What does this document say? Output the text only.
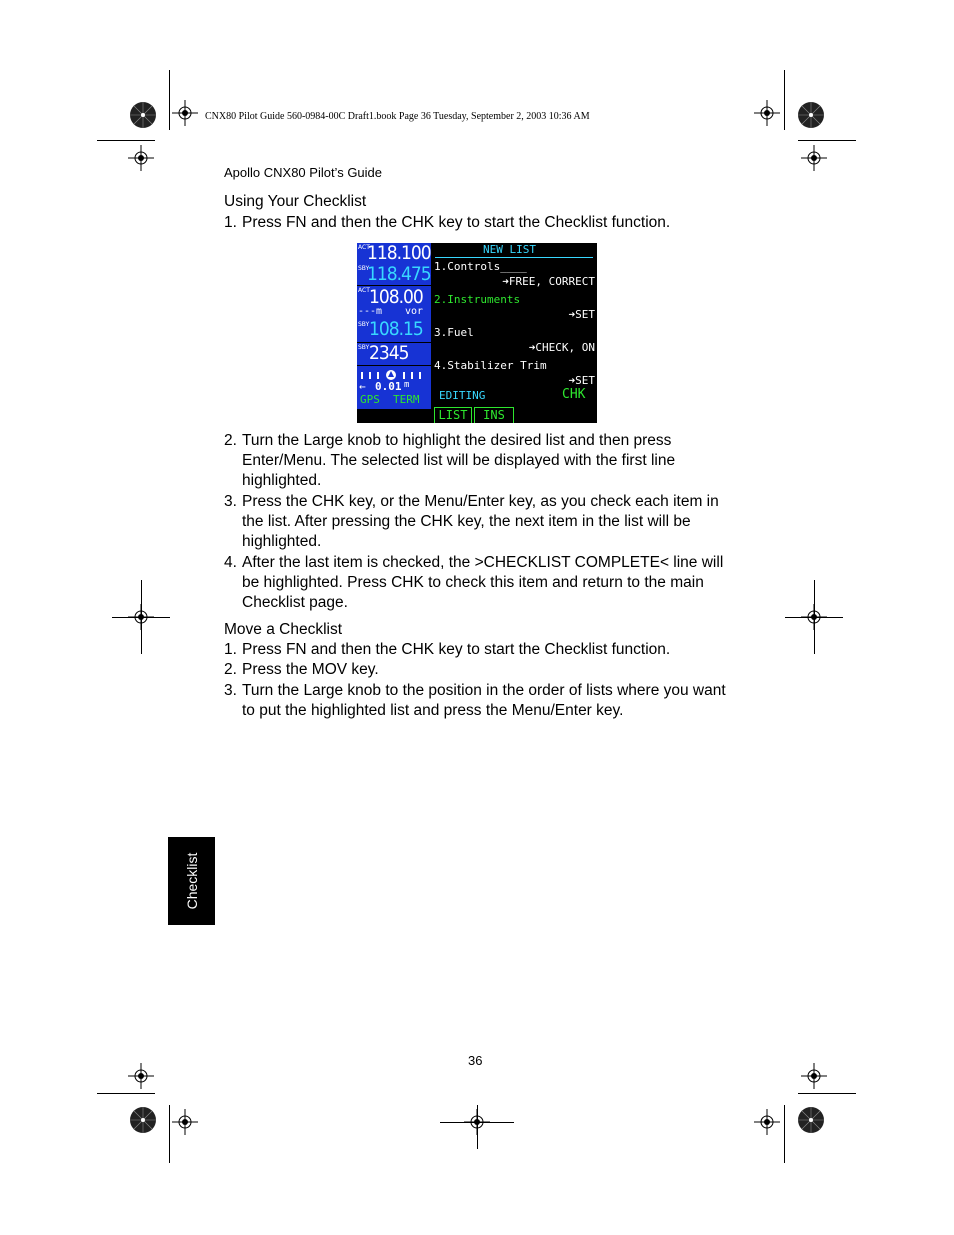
CNX80 Pilot Guide 560-0984-00C Draft1.book Page 36 Tuesday, September 2, 2003 10:36 AM
Apollo CNX80 Pilot’s Guide
Using Your Checklist
1. Press FN and then the CHK key to start the Checklist function.
ACT
118.100
SBY
118.475
ACT 108.00
---m vor
SBY 108.15
SBY 2345
← 0.01 m
GPS TERM
NEW LIST
1.Controls____
➜FREE, CORRECT
2.Instruments
➜SET
3.Fuel
➜CHECK, ON
4.Stabilizer Trim
➜SET
EDITING	CHK
LIST	INS
2. Turn the Large knob to highlight the desired list and then press Enter/Menu. The selected list will be displayed with the first line highlighted.
3. Press the CHK key, or the Menu/Enter key, as you check each item in the list. After pressing the CHK key, the next item in the list will be highlighted.
4. After the last item is checked, the >CHECKLIST COMPLETE< line will be highlighted. Press CHK to check this item and return to the main Checklist page.
Move a Checklist
1. Press FN and then the CHK key to start the Checklist function.
2. Press the MOV key.
3. Turn the Large knob to the position in the order of lists where you want to put the highlighted list and press the Menu/Enter key.
Checklist
36
